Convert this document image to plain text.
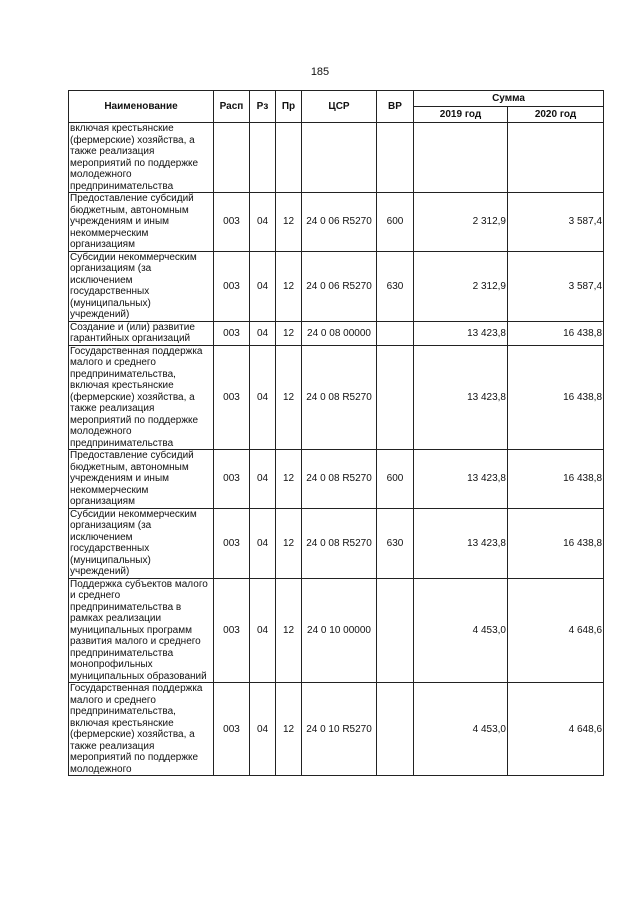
185
Наименование	Расп	Рз	Пр	ЦСР	ВР	Сумма	
						2019 год	2020 год
включая крестьянские (фермерские) хозяйства, а также реализация мероприятий по поддержке молодежного предпринимательства							
Предоставление субсидий бюджетным, автономным учреждениям и иным некоммерческим организациям	003	04	12	24 0 06 R5270	600	2 312,9	3 587,4
Субсидии некоммерческим организациям (за исключением государственных (муниципальных) учреждений)	003	04	12	24 0 06 R5270	630	2 312,9	3 587,4
Создание и (или) развитие гарантийных организаций	003	04	12	24 0 08 00000		13 423,8	16 438,8
Государственная поддержка малого и среднего предпринимательства, включая крестьянские (фермерские) хозяйства, а также реализация мероприятий по поддержке молодежного предпринимательства	003	04	12	24 0 08 R5270		13 423,8	16 438,8
Предоставление субсидий бюджетным, автономным учреждениям и иным некоммерческим организациям	003	04	12	24 0 08 R5270	600	13 423,8	16 438,8
Субсидии некоммерческим организациям (за исключением государственных (муниципальных) учреждений)	003	04	12	24 0 08 R5270	630	13 423,8	16 438,8
Поддержка субъектов малого и среднего предпринимательства в рамках реализации муниципальных программ развития малого и среднего предпринимательства монопрофильных муниципальных образований	003	04	12	24 0 10 00000		4 453,0	4 648,6
Государственная поддержка малого и среднего предпринимательства, включая крестьянские (фермерские) хозяйства, а также реализация мероприятий по поддержке молодежного	003	04	12	24 0 10 R5270		4 453,0	4 648,6
